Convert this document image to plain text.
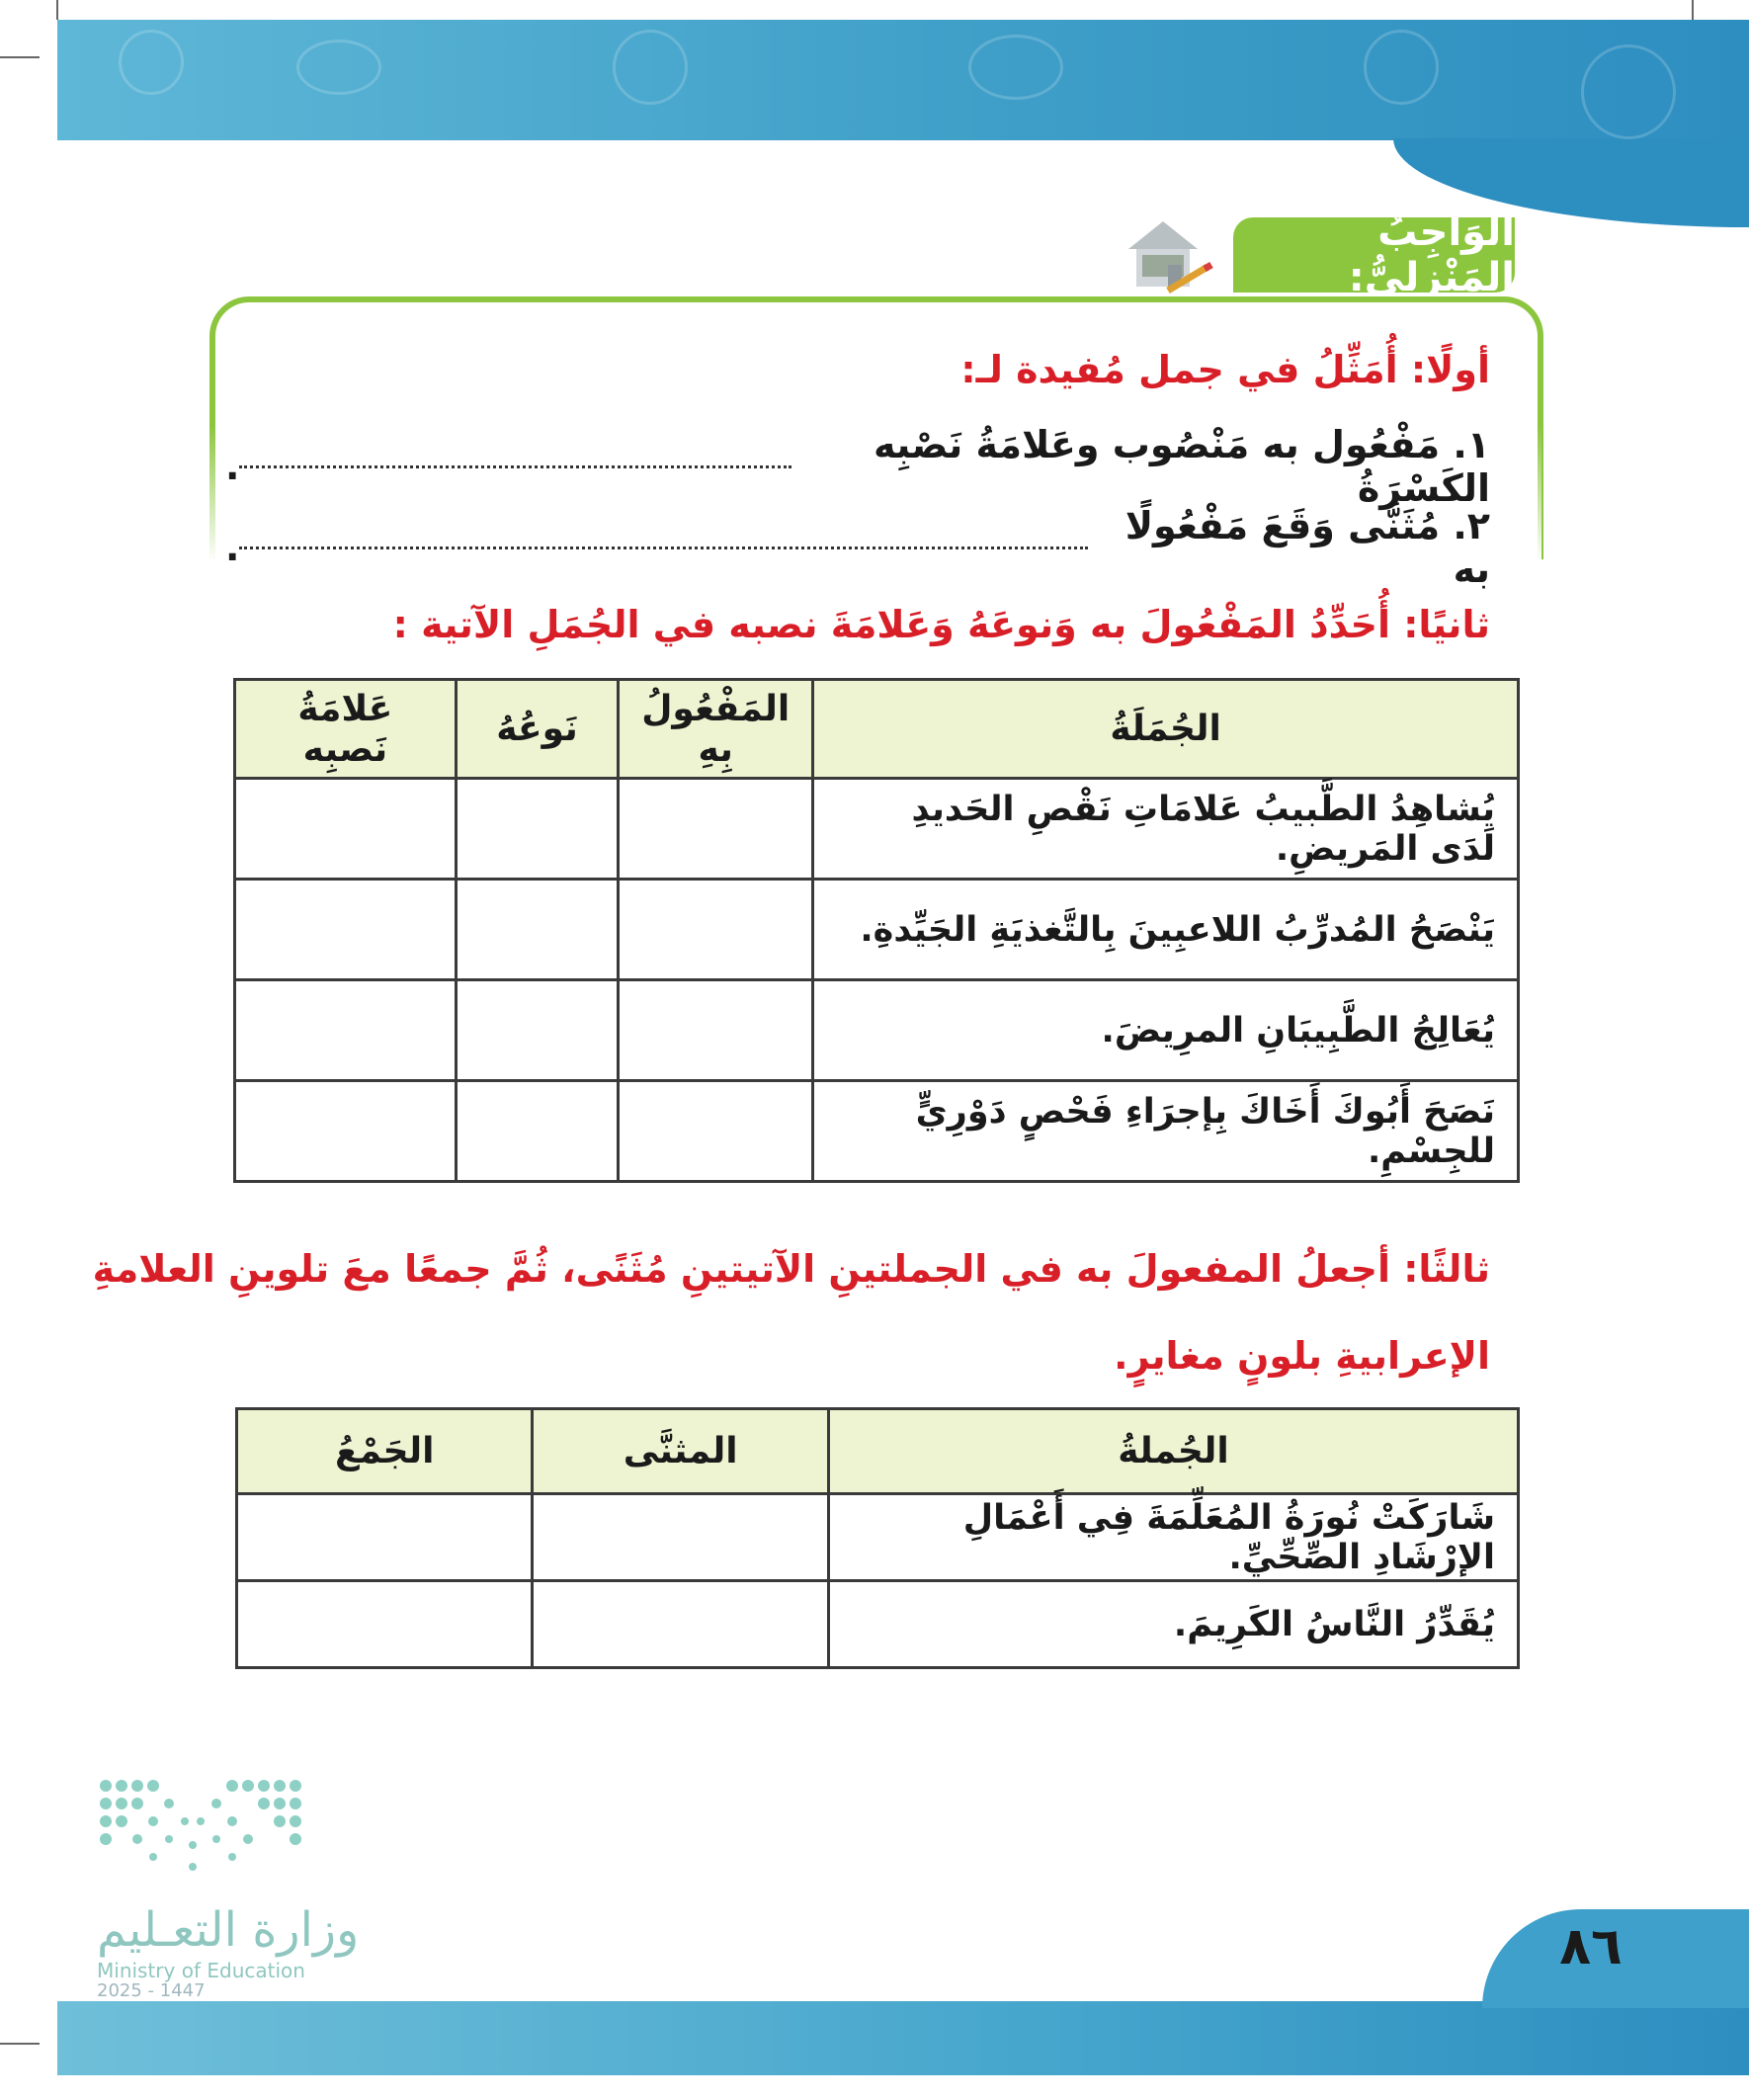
الوَاجِبُ المَنْزِلِيُّ:
أولًا: أُمَثِّلُ في جمل مُفيدة لـ:
١. مَفْعُول به مَنْصُوب وعَلامَةُ نَصْبِه الكَسْرَةُ
.
٢. مُثَنَّى وَقَعَ مَفْعُولًا به
.
ثانيًا: أُحَدِّدُ المَفْعُولَ به وَنوعَهُ وَعَلامَةَ نصبه في الجُمَلِ الآتية :
الجُمَلَةُ	المَفْعُولُ بِهِ	نَوعُهُ	عَلامَةُ نَصبِه
يُشاهِدُ الطَّبيبُ عَلامَاتِ نَقْصِ الحَديدِ لَدَى المَريضِ.			
يَنْصَحُ المُدرِّبُ اللاعبِينَ بِالتَّغذيَةِ الجَيِّدةِ.			
يُعَالِجُ الطَّبِيبَانِ المرِيضَ.			
نَصَحَ أَبُوكَ أَخَاكَ بِإجرَاءِ فَحْصٍ دَوْرِيٍّ للجِسْمِ.			
ثالثًا: أجعلُ المفعولَ به في الجملتينِ الآتيتينِ مُثَنًى، ثُمَّ جمعًا معَ تلوينِ العلامةِ
الإعرابيةِ بلونٍ مغايرٍ.
الجُملةُ	المثنَّى	الجَمْعُ
شَارَكَتْ نُورَةُ المُعَلِّمَةَ فِي أَعْمَالِ الإرْشَادِ الصِّحِّيِّ.		
يُقَدِّرُ النَّاسُ الكَرِيمَ.		
وزارة التعـليم
Ministry of Education
2025 - 1447
٨٦
